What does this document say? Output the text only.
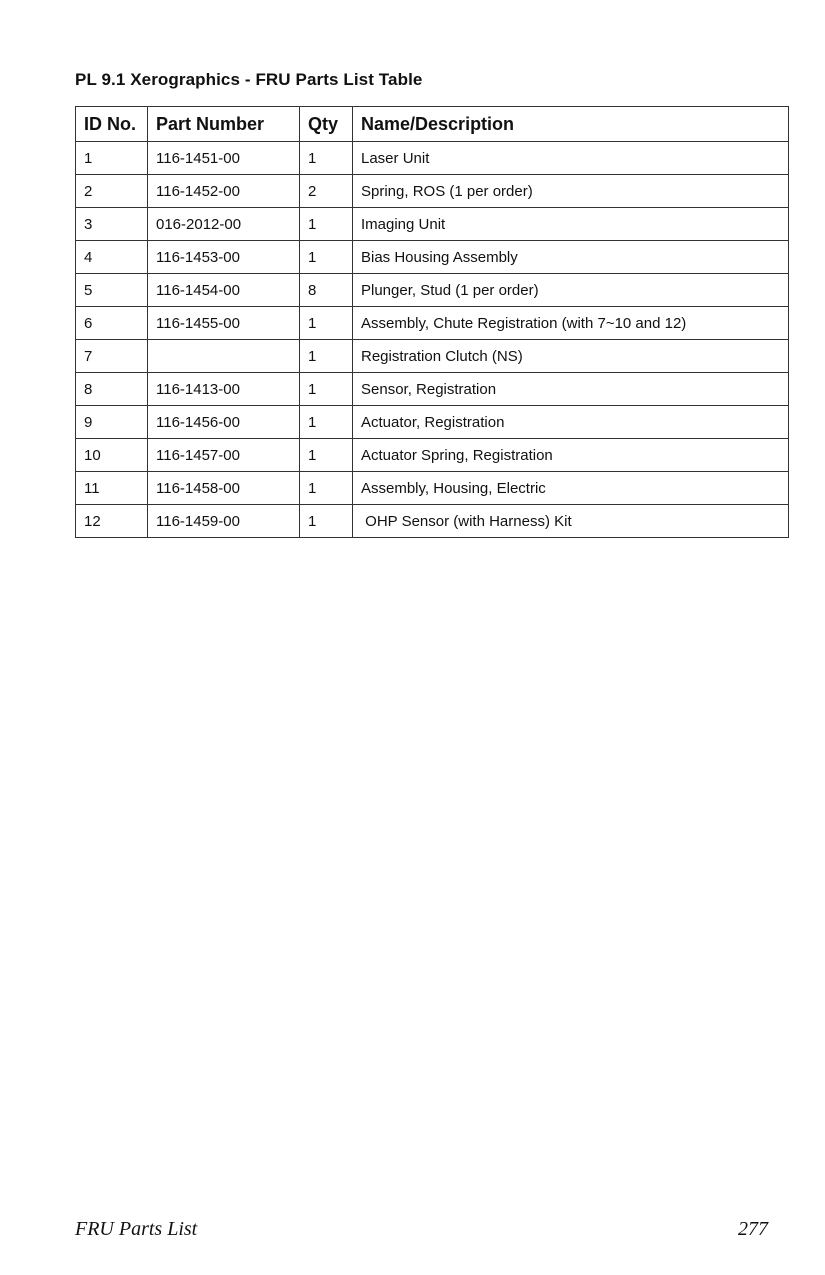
PL 9.1 Xerographics - FRU Parts List Table
ID No.	Part Number	Qty	Name/Description
1	116-1451-00	1	Laser Unit
2	116-1452-00	2	Spring, ROS (1 per order)
3	016-2012-00	1	Imaging Unit
4	116-1453-00	1	Bias Housing Assembly
5	116-1454-00	8	Plunger, Stud (1 per order)
6	116-1455-00	1	Assembly, Chute Registration (with 7~10 and 12)
7		1	Registration Clutch (NS)
8	116-1413-00	1	Sensor, Registration
9	116-1456-00	1	Actuator, Registration
10	116-1457-00	1	Actuator Spring, Registration
11	116-1458-00	1	Assembly, Housing, Electric
12	116-1459-00	1	OHP Sensor (with Harness) Kit
FRU Parts List	277
